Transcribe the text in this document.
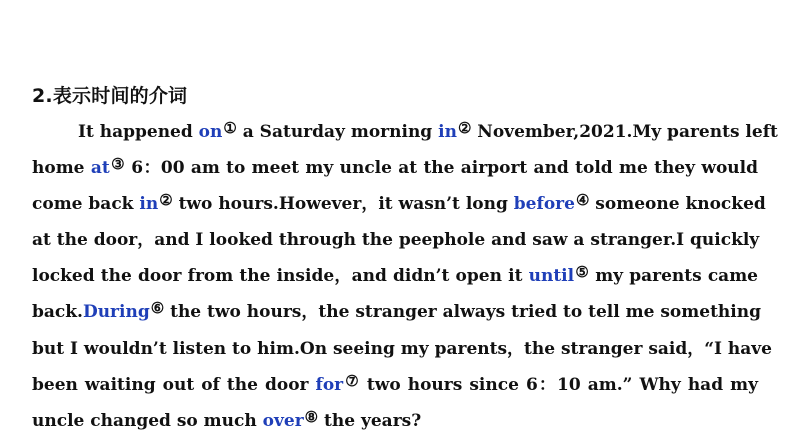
2.表示时间的介词
It happened on① a Saturday morning in② November,2021.My parents left
home at③ 6：00 am to meet my uncle at the airport and told me they would
come back in② two hours.However，it wasn’t long before④ someone knocked
at the door，and I looked through the peephole and saw a stranger.I quickly
locked the door from the inside，and didn’t open it until⑤ my parents came
back.During⑥ the two hours，the stranger always tried to tell me something
but I wouldn’t listen to him.On seeing my parents，the stranger said，“I have
been waiting out of the door for⑦ two hours since 6：10 am.” Why had my
uncle changed so much over⑧ the years?
